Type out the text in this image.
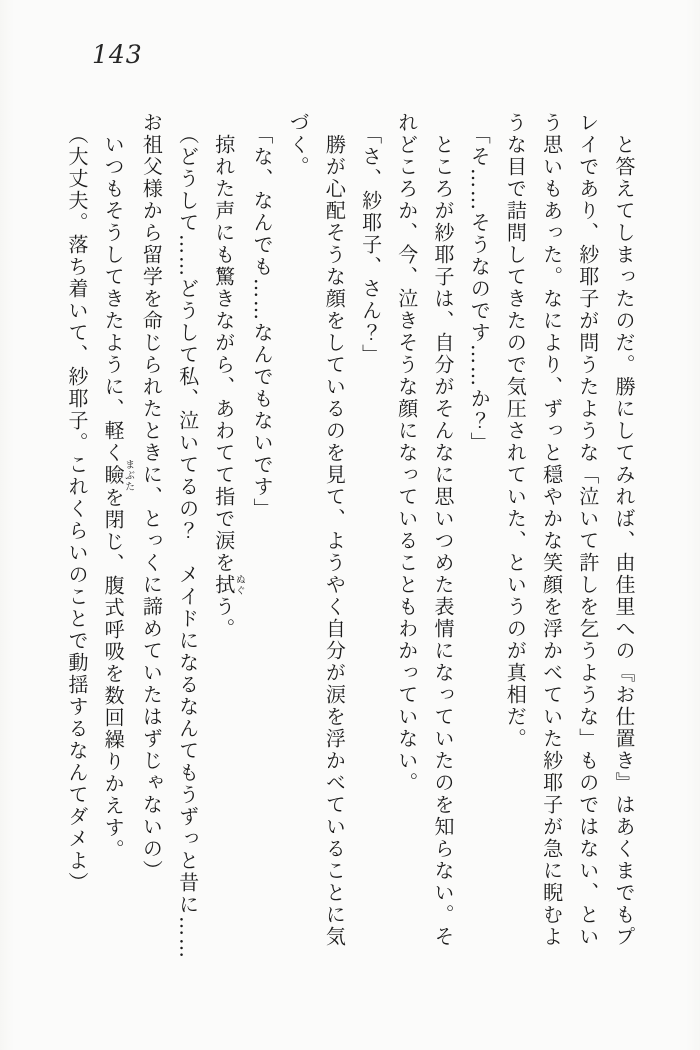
143
　と答えてしまったのだ。勝にしてみれば、由佳里への『お仕置き』はあくまでもプ
レイであり、紗耶子が問うたような「泣いて許しを乞うような」ものではない、とい
う思いもあった。なにより、ずっと穏やかな笑顔を浮かべていた紗耶子が急に睨むよ
うな目で詰問してきたので気圧されていた、というのが真相だ。
　「そ……そうなのです……か？」
　ところが紗耶子は、自分がそんなに思いつめた表情になっていたのを知らない。そ
れどころか、今、泣きそうな顔になっていることもわかっていない。
　「さ、紗耶子、さん？」
　勝が心配そうな顔をしているのを見て、ようやく自分が涙を浮かべていることに気
づく。
　「な、なんでも……なんでもないです」
　掠れた声にも驚きながら、あわてて指で涙を拭ぬぐう。
　（どうして……どうして私、泣いてるの？　メイドになるなんてもうずっと昔に……
お祖父様から留学を命じられたときに、とっくに諦めていたはずじゃないの）
　いつもそうしてきたように、軽く瞼まぶたを閉じ、腹式呼吸を数回繰りかえす。
　（大丈夫。落ち着いて、紗耶子。これくらいのことで動揺するなんてダメよ）
